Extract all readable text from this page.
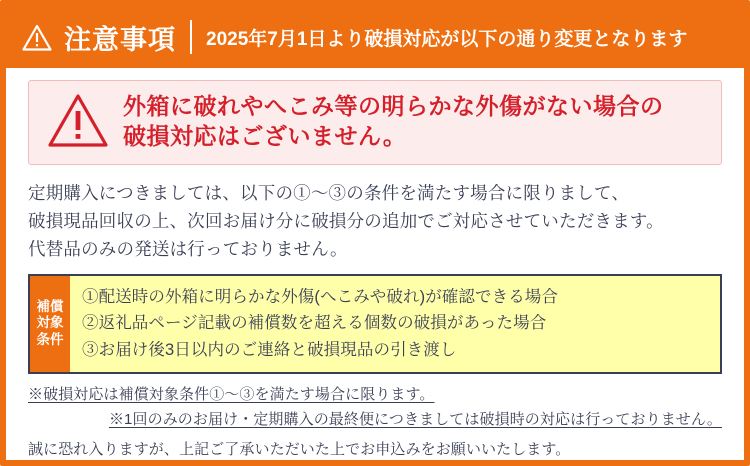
注意事項 2025年7月1日より破損対応が以下の通り変更となります
外箱に破れやへこみ等の明らかな外傷がない場合の
破損対応はございません。
定期購入につきましては、以下の①〜③の条件を満たす場合に限りまして、
破損現品回収の上、次回お届け分に破損分の追加でご対応させていただきます。
代替品のみの発送は行っておりません。
補償対象条件
①配送時の外箱に明らかな外傷(へこみや破れ)が確認できる場合
②返礼品ページ記載の補償数を超える個数の破損があった場合
③お届け後3日以内のご連絡と破損現品の引き渡し
※破損対応は補償対象条件①〜③を満たす場合に限ります。
※1回のみのお届け・定期購入の最終便につきましては破損時の対応は行っておりません。
誠に恐れ入りますが、上記ご了承いただいた上でお申込みをお願いいたします。
